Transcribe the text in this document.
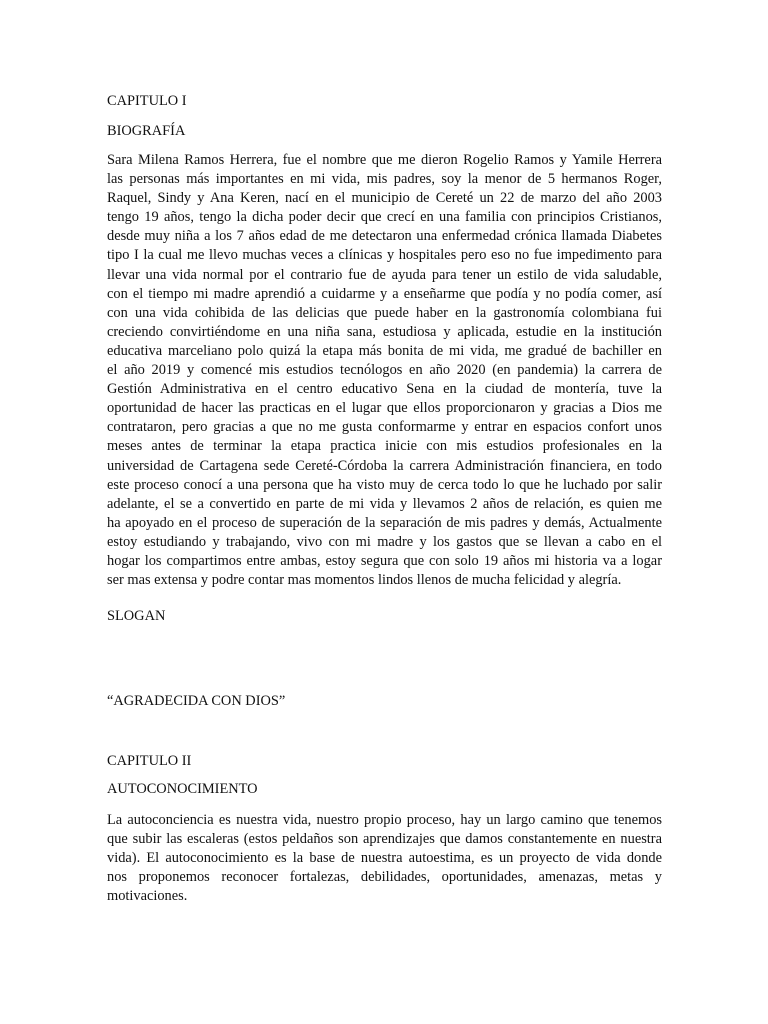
CAPITULO I

BIOGRAFÍA

Sara Milena Ramos Herrera, fue el nombre que me dieron Rogelio Ramos y Yamile Herrera
las personas más importantes en mi vida, mis padres, soy la menor de 5 hermanos Roger,
Raquel, Sindy y Ana Keren, nací en el municipio de Cereté un 22 de marzo del año 2003
tengo 19 años, tengo la dicha poder decir que crecí en una familia con principios Cristianos,
desde muy niña a los 7 años edad de me detectaron una enfermedad crónica llamada Diabetes
tipo I la cual me llevo muchas veces a clínicas y hospitales pero eso no fue impedimento para
llevar una vida normal por el contrario fue de ayuda para tener un estilo de vida saludable,
con el tiempo mi madre aprendió a cuidarme y a enseñarme que podía y no podía comer, así
con una vida cohibida de las delicias que puede haber en la gastronomía colombiana fui
creciendo convirtiéndome en una niña sana, estudiosa y aplicada, estudie en la institución
educativa marceliano polo quizá la etapa más bonita de mi vida, me gradué de bachiller en
el año 2019 y comencé mis estudios tecnólogos en año 2020 (en pandemia) la carrera de
Gestión Administrativa en el centro educativo Sena en la ciudad de montería, tuve la
oportunidad de hacer las practicas en el lugar que ellos proporcionaron y gracias a Dios me
contrataron, pero gracias a que no me gusta conformarme y entrar en espacios confort unos
meses antes de terminar la etapa practica inicie con mis estudios profesionales en la
universidad de Cartagena sede Cereté-Córdoba la carrera Administración financiera, en todo
este proceso conocí a una persona que ha visto muy de cerca todo lo que he luchado por salir
adelante, el se a convertido en parte de mi vida y llevamos 2 años de relación, es quien me
ha apoyado en el proceso de superación de la separación de mis padres y demás, Actualmente
estoy estudiando y trabajando, vivo con mi madre y los gastos que se llevan a cabo en el
hogar los compartimos entre ambas, estoy segura que con solo 19 años mi historia va a logar
ser mas extensa y podre contar mas momentos lindos llenos de mucha felicidad y alegría.

SLOGAN

“AGRADECIDA CON DIOS”

CAPITULO II

AUTOCONOCIMIENTO

La autoconciencia es nuestra vida, nuestro propio proceso, hay un largo camino que tenemos
que subir las escaleras (estos peldaños son aprendizajes que damos constantemente en nuestra
vida). El autoconocimiento es la base de nuestra autoestima, es un proyecto de vida donde
nos proponemos reconocer fortalezas, debilidades, oportunidades, amenazas, metas y
motivaciones.
